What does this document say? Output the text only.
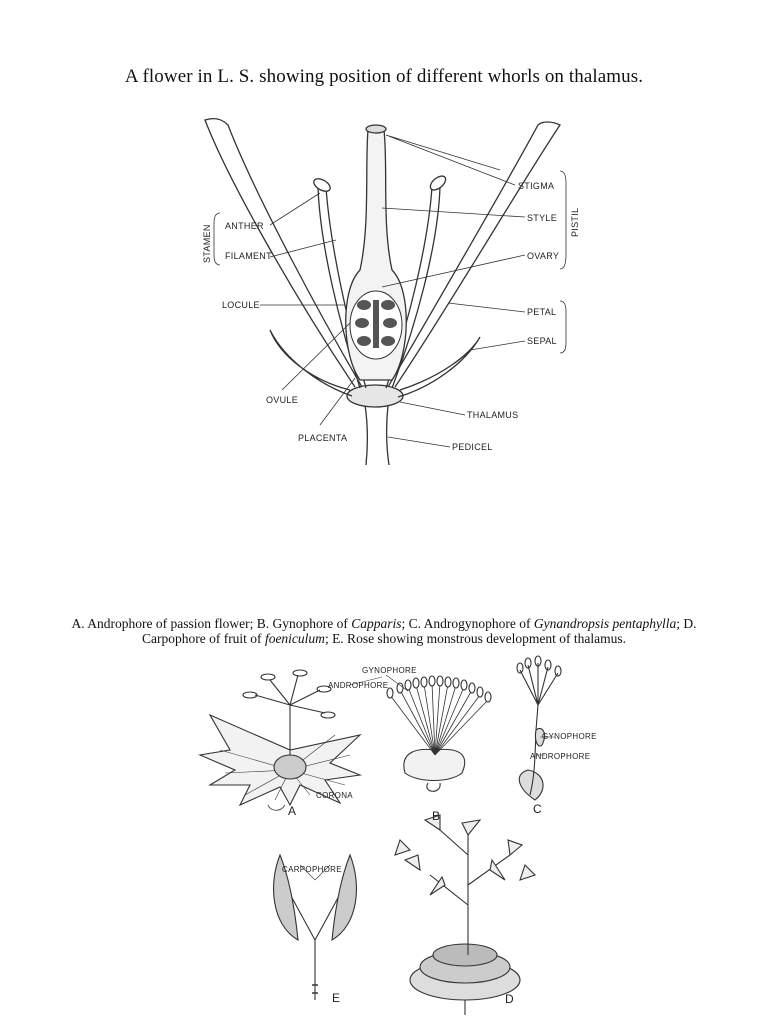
A flower in L. S. showing position of different whorls on thalamus.
STIGMA
STYLE
OVARY
PISTIL
PETAL
SEPAL
STAMEN ANTHER
FILAMENT
LOCULE
OVULE
PLACENTA
THALAMUS
PEDICEL
A. Androphore of passion flower; B. Gynophore of Capparis; C. Androgynophore of Gynandropsis pentaphylla; D. Carpophore of fruit of foeniculum; E. Rose showing monstrous development of thalamus.
GYNOPHORE
ANDROPHORE
CORONA
GYNOPHORE
ANDROPHORE
CARPOPHORE
A	B	C
D
E
